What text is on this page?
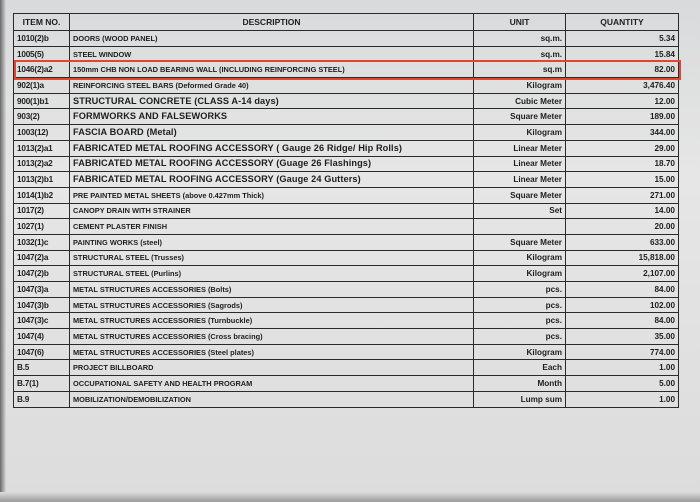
ITEM NO.	DESCRIPTION	UNIT	QUANTITY
1010(2)b	DOORS (WOOD PANEL)	sq.m.	5.34
1005(5)	STEEL WINDOW	sq.m.	15.84
1046(2)a2	150mm CHB NON LOAD BEARING WALL (INCLUDING REINFORCING STEEL)	sq.m	82.00
902(1)a	REINFORCING STEEL BARS (Deformed Grade 40)	Kilogram	3,476.40
900(1)b1	STRUCTURAL CONCRETE (CLASS A-14 days)	Cubic Meter	12.00
903(2)	FORMWORKS AND FALSEWORKS	Square Meter	189.00
1003(12)	FASCIA BOARD (Metal)	Kilogram	344.00
1013(2)a1	FABRICATED METAL ROOFING ACCESSORY ( Gauge 26 Ridge/ Hip Rolls)	Linear Meter	29.00
1013(2)a2	FABRICATED METAL ROOFING ACCESSORY (Guage 26 Flashings)	Linear Meter	18.70
1013(2)b1	FABRICATED METAL ROOFING ACCESSORY (Gauge 24 Gutters)	Linear Meter	15.00
1014(1)b2	PRE PAINTED METAL SHEETS (above 0.427mm Thick)	Square Meter	271.00
1017(2)	CANOPY DRAIN WITH STRAINER	Set	14.00
1027(1)	CEMENT PLASTER FINISH		20.00
1032(1)c	PAINTING WORKS (steel)	Square Meter	633.00
1047(2)a	STRUCTURAL STEEL (Trusses)	Kilogram	15,818.00
1047(2)b	STRUCTURAL STEEL (Purlins)	Kilogram	2,107.00
1047(3)a	METAL STRUCTURES ACCESSORIES (Bolts)	pcs.	84.00
1047(3)b	METAL STRUCTURES ACCESSORIES (Sagrods)	pcs.	102.00
1047(3)c	METAL STRUCTURES ACCESSORIES (Turnbuckle)	pcs.	84.00
1047(4)	METAL STRUCTURES ACCESSORIES (Cross bracing)	pcs.	35.00
1047(6)	METAL STRUCTURES ACCESSORIES (Steel plates)	Kilogram	774.00
B.5	PROJECT BILLBOARD	Each	1.00
B.7(1)	OCCUPATIONAL SAFETY AND HEALTH PROGRAM	Month	5.00
B.9	MOBILIZATION/DEMOBILIZATION	Lump sum	1.00
